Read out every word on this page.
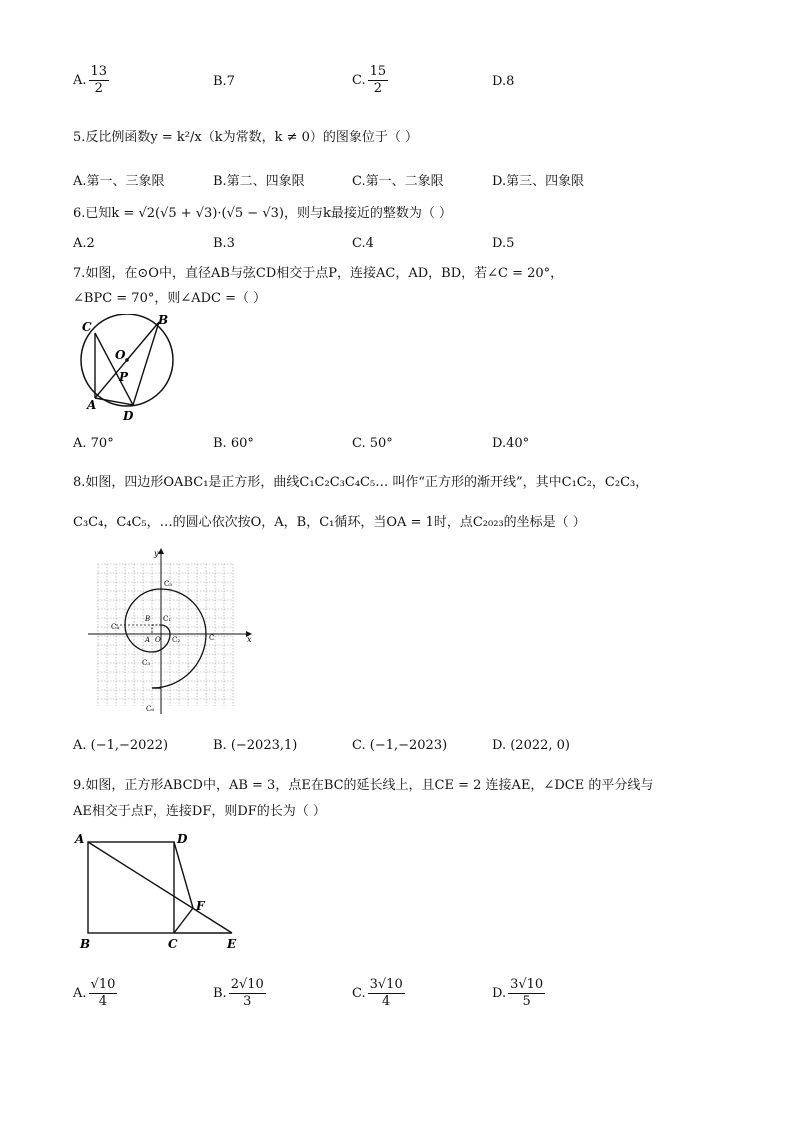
A. $\frac{13}{2}$	B.7	C. $\frac{15}{2}$	D.8
5.反比例函数y = k²/x（k为常数，k ≠ 0）的图象位于（ ）
A.第一、三象限	B.第二、四象限	C.第一、二象限	D.第三、四象限
6.已知k = √2(√5 + √3)·(√5 − √3)，则与k最接近的整数为（ ）
A.2	B.3	C.4	D.5
7.如图，在⊙O中，直径AB与弦CD相交于点P，连接AC，AD，BD，若∠C = 20°，
∠BPC = 70°，则∠ADC =（ ）
C	B
O
P
A
D
A. 70°	B. 60°	C. 50°	D.40°
8.如图，四边形OABC₁是正方形，曲线C₁C₂C₃C₄C₅… 叫作“正方形的渐开线”，其中C₁C₂，C₂C₃，
C₃C₄，C₄C₅，…的圆心依次按O，A，B，C₁循环，当OA = 1时，点C₂₀₂₃的坐标是（ ）
y
x
C₅
C₁
B
C₄
A O C₂
C₃
C₆
C
A. (−1,−2022)	B. (−2023,1)	C. (−1,−2023)	D. (2022, 0)
9.如图，正方形ABCD中，AB = 3，点E在BC的延长线上，且CE = 2 连接AE，∠DCE 的平分线与
AE相交于点F，连接DF，则DF的长为（ ）
A	D
F
B	C	E
A. $\frac{√10}{4}$	B. $\frac{2√10}{3}$	C. $\frac{3√10}{4}$	D. $\frac{3√10}{5}$
